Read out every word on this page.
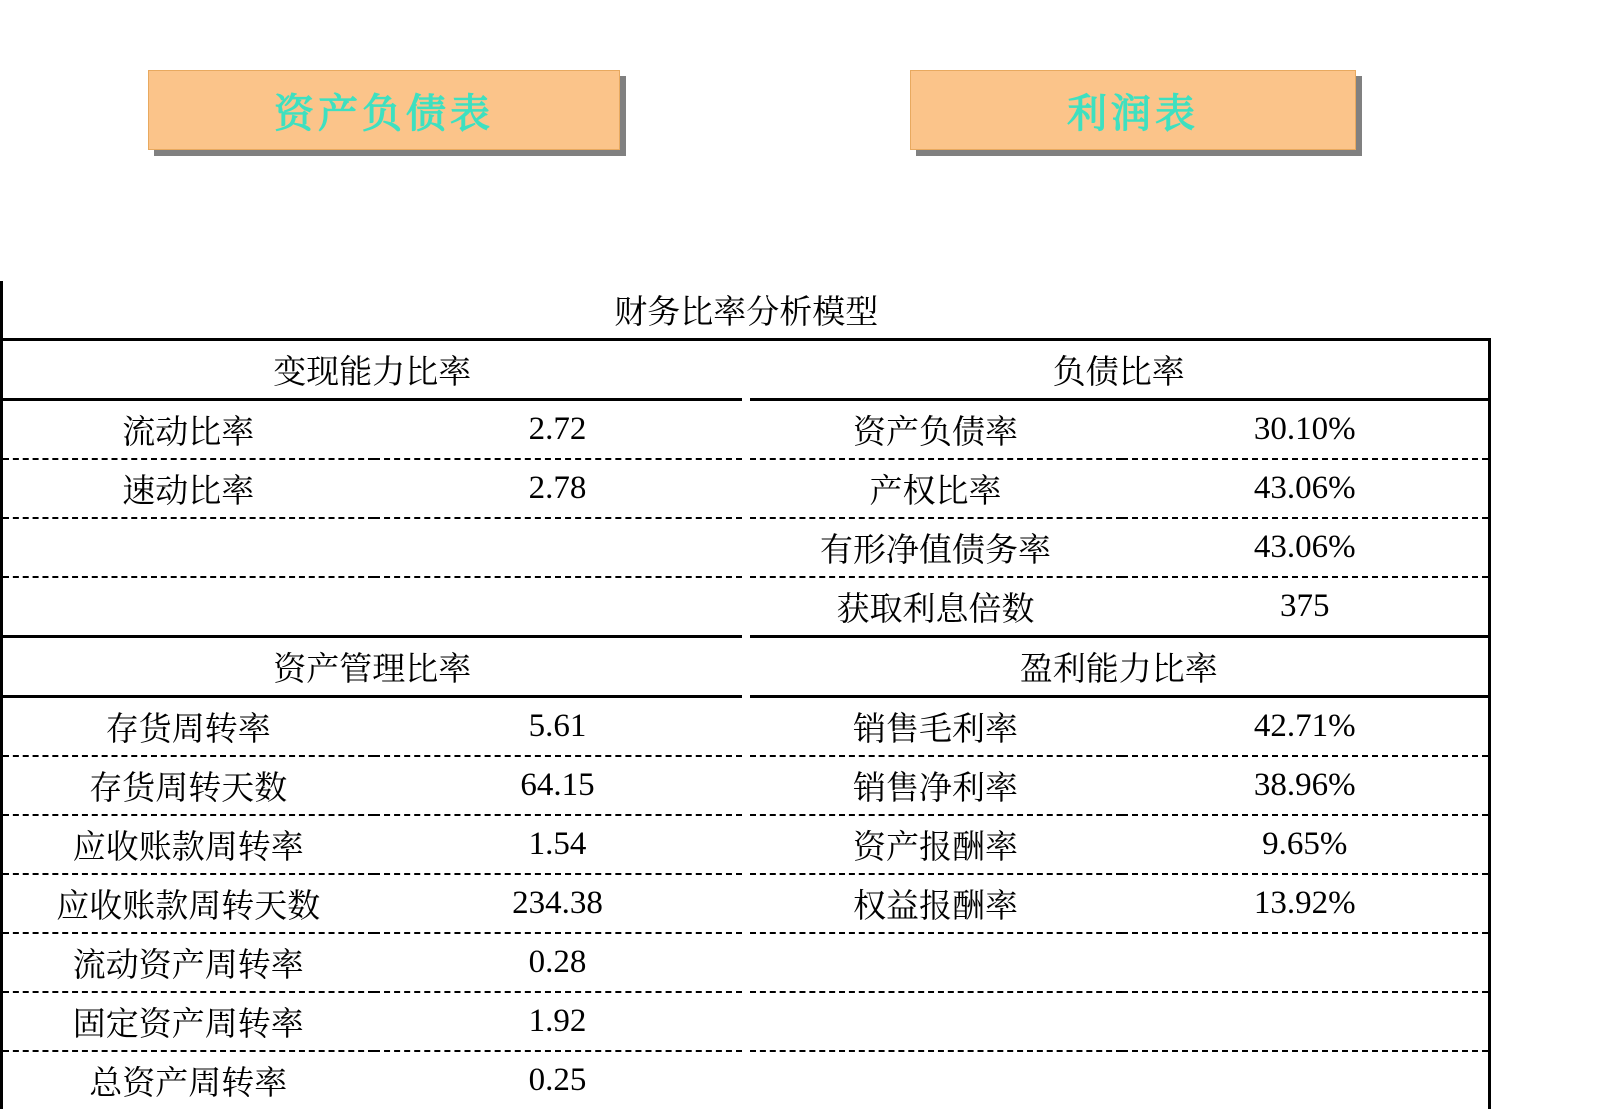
资产负债表	利润表
财务比率分析模型				
变现能力比率			负债比率	
流动比率	2.72		资产负债率	30.10%
速动比率	2.78		产权比率	43.06%
			有形净值债务率	43.06%
			获取利息倍数	375
资产管理比率			盈利能力比率	
存货周转率	5.61		销售毛利率	42.71%
存货周转天数	64.15		销售净利率	38.96%
应收账款周转率	1.54		资产报酬率	9.65%
应收账款周转天数	234.38		权益报酬率	13.92%
流动资产周转率	0.28			
固定资产周转率	1.92			
总资产周转率	0.25			
